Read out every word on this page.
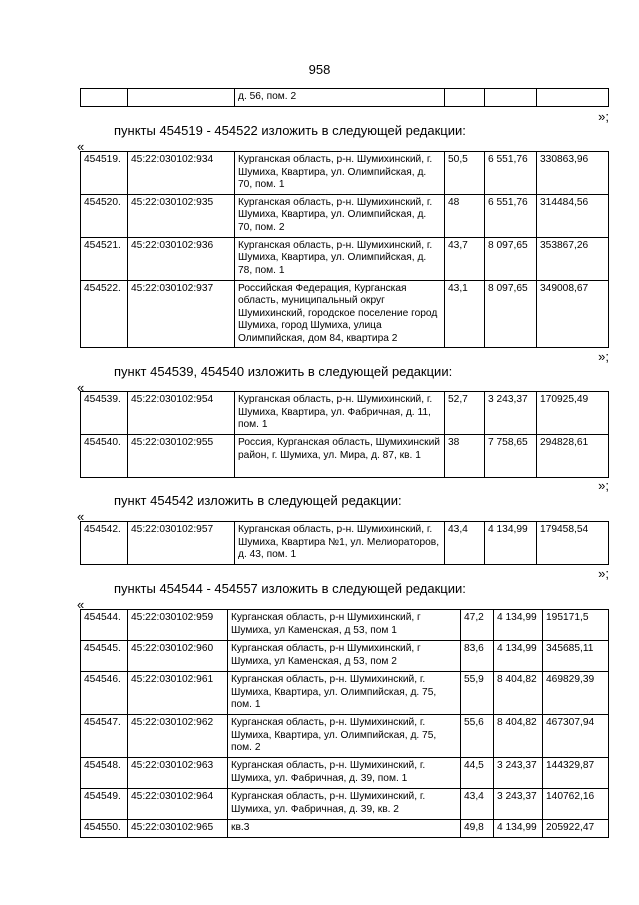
958
		д. 56, пом. 2			
»;
пункты 454519 - 454522 изложить в следующей редакции:
«
454519.	45:22:030102:934	Курганская область, р-н. Шумихинский, г. Шумиха, Квартира, ул. Олимпийская, д. 70, пом. 1	50,5	6 551,76	330863,96
454520.	45:22:030102:935	Курганская область, р-н. Шумихинский, г. Шумиха, Квартира, ул. Олимпийская, д. 70, пом. 2	48	6 551,76	314484,56
454521.	45:22:030102:936	Курганская область, р-н. Шумихинский, г. Шумиха, Квартира, ул. Олимпийская, д. 78, пом. 1	43,7	8 097,65	353867,26
454522.	45:22:030102:937	Российская Федерация, Курганская область, муниципальный округ Шумихинский, городское поселение город Шумиха, город Шумиха, улица Олимпийская, дом 84, квартира 2	43,1	8 097,65	349008,67
»;
пункт 454539, 454540 изложить в следующей редакции:
«
454539.	45:22:030102:954	Курганская область, р-н. Шумихинский, г. Шумиха, Квартира, ул. Фабричная, д. 11, пом. 1	52,7	3 243,37	170925,49
454540.	45:22:030102:955	Россия, Курганская область, Шумихинский район, г. Шумиха, ул. Мира, д. 87, кв. 1	38	7 758,65	294828,61
»;
пункт 454542 изложить в следующей редакции:
«
454542.	45:22:030102:957	Курганская область, р-н. Шумихинский, г. Шумиха, Квартира №1, ул. Мелиораторов, д. 43, пом. 1	43,4	4 134,99	179458,54
»;
пункты 454544 - 454557 изложить в следующей редакции:
«
454544.	45:22:030102:959	Курганская область, р-н Шумихинский, г Шумиха, ул Каменская, д 53, пом 1	47,2	4 134,99	195171,5
454545.	45:22:030102:960	Курганская область, р-н Шумихинский, г Шумиха, ул Каменская, д 53, пом 2	83,6	4 134,99	345685,11
454546.	45:22:030102:961	Курганская область, р-н. Шумихинский, г. Шумиха, Квартира, ул. Олимпийская, д. 75, пом. 1	55,9	8 404,82	469829,39
454547.	45:22:030102:962	Курганская область, р-н. Шумихинский, г. Шумиха, Квартира, ул. Олимпийская, д. 75, пом. 2	55,6	8 404,82	467307,94
454548.	45:22:030102:963	Курганская область, р-н. Шумихинский, г. Шумиха, ул. Фабричная, д. 39, пом. 1	44,5	3 243,37	144329,87
454549.	45:22:030102:964	Курганская область, р-н. Шумихинский, г. Шумиха, ул. Фабричная, д. 39, кв. 2	43,4	3 243,37	140762,16
454550.	45:22:030102:965	кв.3	49,8	4 134,99	205922,47
